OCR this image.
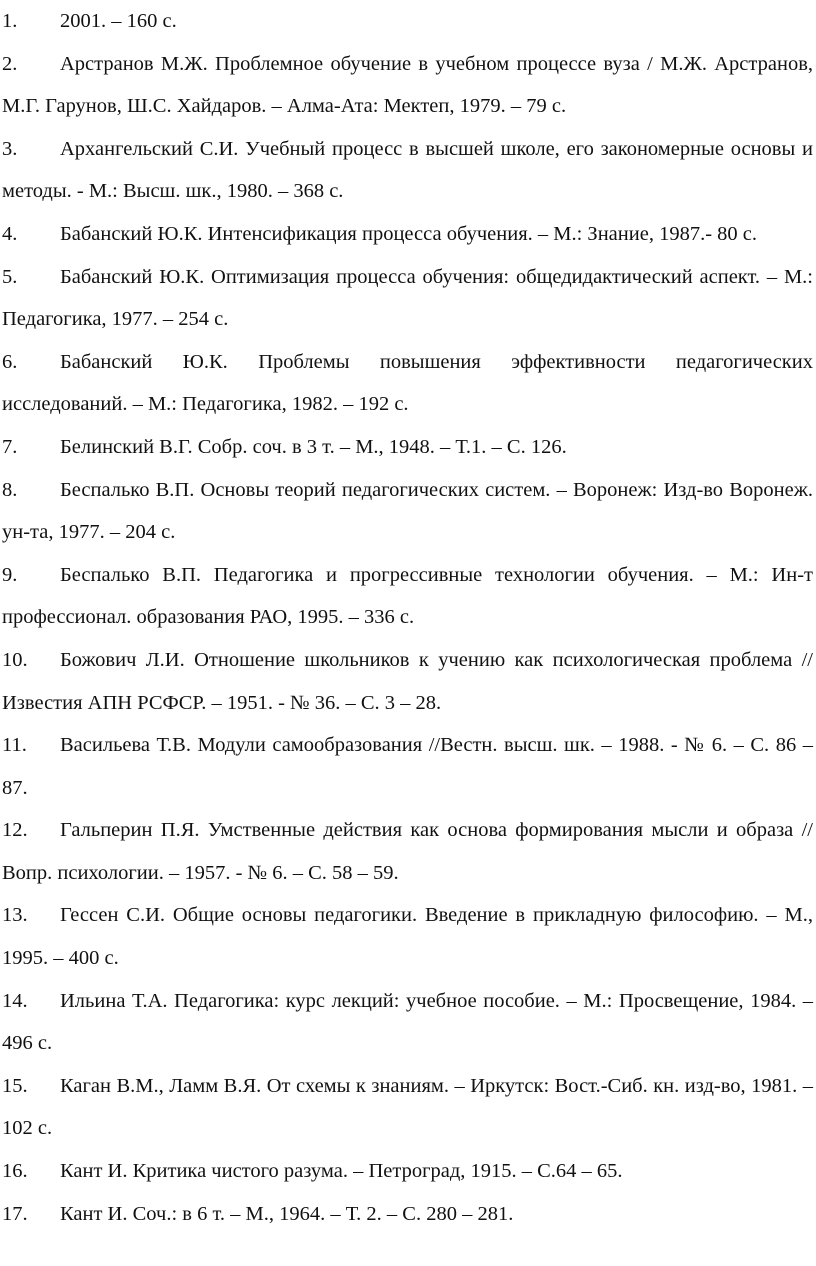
1. 2001. – 160 с.

2. Арстранов М.Ж. Проблемное обучение в учебном процессе вуза / М.Ж. Арстранов, М.Г. Гарунов, Ш.С. Хайдаров. – Алма-Ата: Мектеп, 1979. – 79 с.

3. Архангельский С.И. Учебный процесс в высшей школе, его закономерные основы и методы. - М.: Высш. шк., 1980. – 368 с.

4. Бабанский Ю.К. Интенсификация процесса обучения. – М.: Знание, 1987.- 80 с.

5. Бабанский Ю.К. Оптимизация процесса обучения: общедидактический аспект. – М.: Педагогика, 1977. – 254 с.

6. Бабанский Ю.К. Проблемы повышения эффективности педагогических исследований. – М.: Педагогика, 1982. – 192 с.

7. Белинский В.Г. Собр. соч. в 3 т. – М., 1948. – Т.1. – С. 126.

8. Беспалько В.П. Основы теорий педагогических систем. – Воронеж: Изд-во Воронеж. ун-та, 1977. – 204 с.

9. Беспалько В.П. Педагогика и прогрессивные технологии обучения. – М.: Ин-т профессионал. образования РАО, 1995. – 336 с.

10. Божович Л.И. Отношение школьников к учению как психологическая проблема // Известия АПН РСФСР. – 1951. - № 36. – С. 3 – 28.

11. Васильева Т.В. Модули самообразования //Вестн. высш. шк. – 1988. - № 6. – С. 86 – 87.

12. Гальперин П.Я. Умственные действия как основа формирования мысли и образа // Вопр. психологии. – 1957. - № 6. – С. 58 – 59.

13. Гессен С.И. Общие основы педагогики. Введение в прикладную философию. – М., 1995. – 400 с.

14. Ильина Т.А. Педагогика: курс лекций: учебное пособие. – М.: Просвещение, 1984. – 496 с.

15. Каган В.М., Ламм В.Я. От схемы к знаниям. – Иркутск: Вост.-Сиб. кн. изд-во, 1981. – 102 с.

16. Кант И. Критика чистого разума. – Петроград, 1915. – С.64 – 65.

17. Кант И. Соч.: в 6 т. – М., 1964. – Т. 2. – С. 280 – 281.
